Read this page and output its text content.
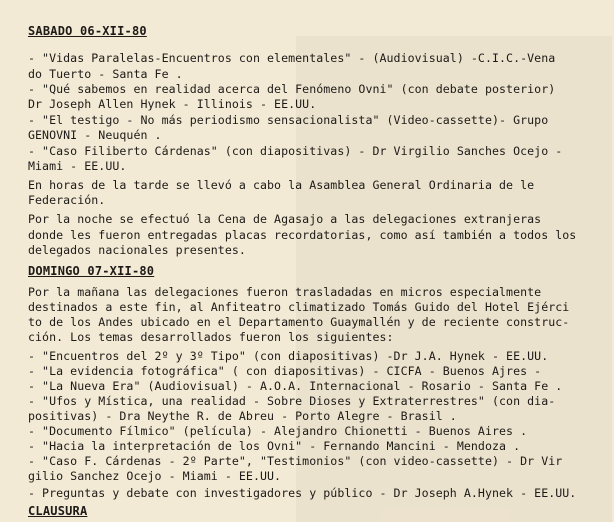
SABADO 06-XII-80
- "Vidas Paralelas-Encuentros con elementales" - (Audiovisual) -C.I.C.-Vena
do Tuerto - Santa Fe .
- "Qué sabemos en realidad acerca del Fenómeno Ovni" (con debate posterior)
Dr Joseph Allen Hynek - Illinois - EE.UU.
- "El testigo - No más periodismo sensacionalista" (Video-cassette)- Grupo
GENOVNI - Neuquén .
- "Caso Filiberto Cárdenas" (con diapositivas) - Dr Virgilio Sanches Ocejo -
Miami - EE.UU.
En horas de la tarde se llevó a cabo la Asamblea General Ordinaria de le
Federación.
Por la noche se efectuó la Cena de Agasajo a las delegaciones extranjeras
donde les fueron entregadas placas recordatorias, como así también a todos los
delegados nacionales presentes.
DOMINGO 07-XII-80
Por la mañana las delegaciones fueron trasladadas en micros especialmente
destinados a este fin, al Anfiteatro climatizado Tomás Guido del Hotel Ejérci
to de los Andes ubicado en el Departamento Guaymallén y de reciente construc-
ción. Los temas desarrollados fueron los siguientes:
- "Encuentros del 2º y 3º Tipo" (con diapositivas) -Dr J.A. Hynek - EE.UU.
- "La evidencia fotográfica" ( con diapositivas) - CICFA - Buenos Ajres -
- "La Nueva Era" (Audiovisual) - A.O.A. Internacional - Rosario - Santa Fe .
- "Ufos y Mística, una realidad - Sobre Dioses y Extraterrestres" (con dia-
positivas) - Dra Neythe R. de Abreu - Porto Alegre - Brasil .
- "Documento Fílmico" (película) - Alejandro Chionetti - Buenos Aires .
- "Hacia la interpretación de los Ovni" - Fernando Mancini - Mendoza .
- "Caso F. Cárdenas - 2º Parte", "Testimonios" (con video-cassette) - Dr Vir
gilio Sanchez Ocejo - Miami - EE.UU.
- Preguntas y debate con investigadores y público - Dr Joseph A.Hynek - EE.UU.
CLAUSURA
